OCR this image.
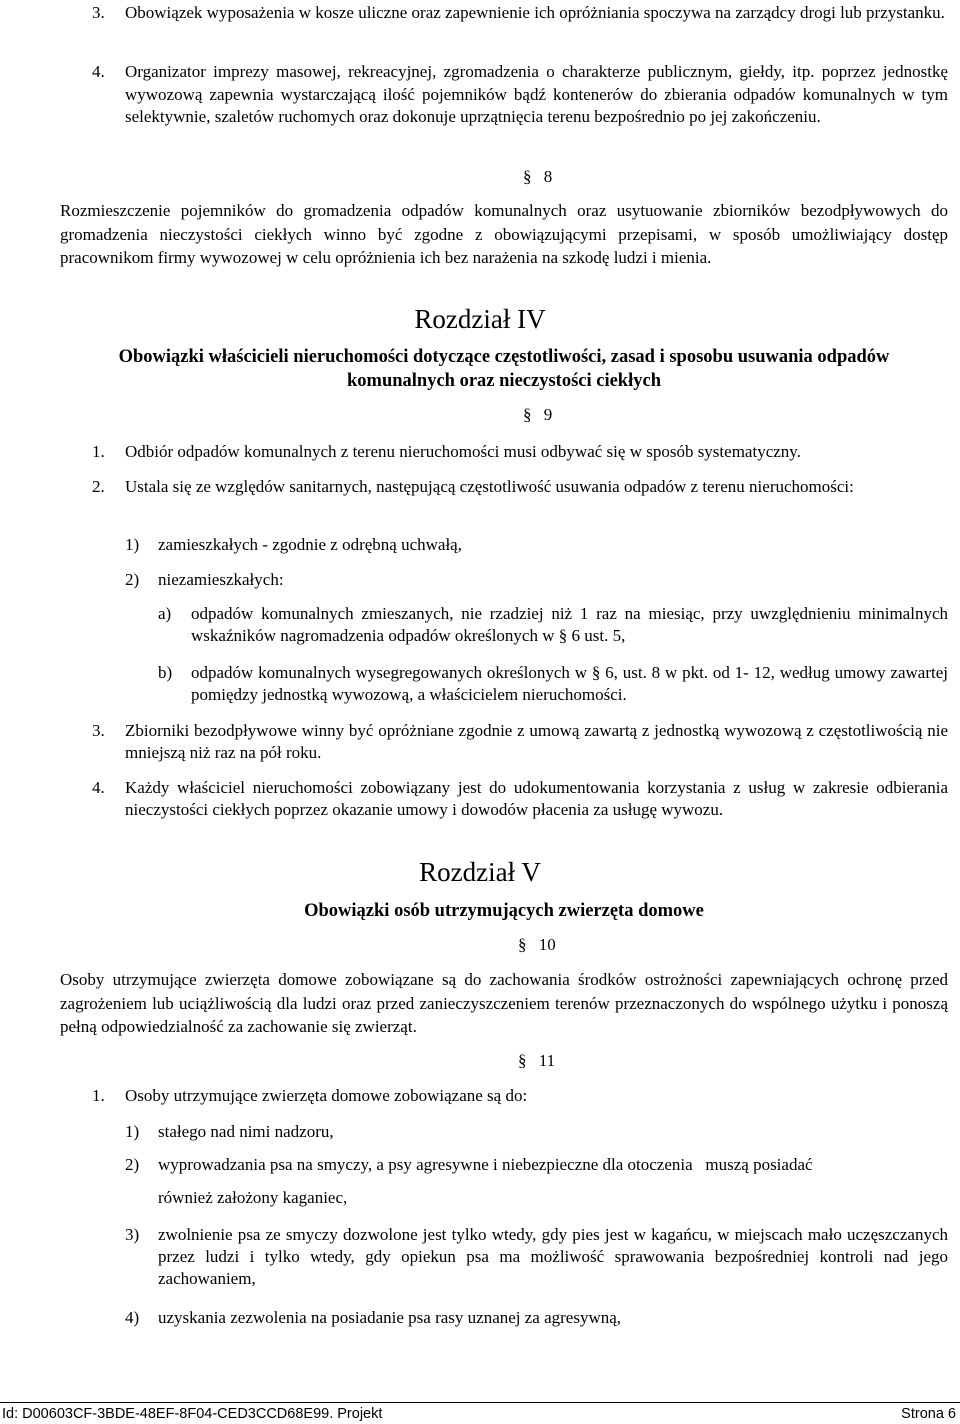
3. Obowiązek wyposażenia w kosze uliczne oraz zapewnienie ich opróżniania spoczywa na zarządcy drogi lub przystanku.
4. Organizator imprezy masowej, rekreacyjnej, zgromadzenia o charakterze publicznym, giełdy, itp. poprzez jednostkę wywozową zapewnia wystarczającą ilość pojemników bądź kontenerów do zbierania odpadów komunalnych w tym selektywnie, szaletów ruchomych oraz dokonuje uprzątnięcia terenu bezpośrednio po jej zakończeniu.
§ 8
Rozmieszczenie pojemników do gromadzenia odpadów komunalnych oraz usytuowanie zbiorników bezodpływowych do gromadzenia nieczystości ciekłych winno być zgodne z obowiązującymi przepisami, w sposób umożliwiający dostęp pracownikom firmy wywozowej w celu opróżnienia ich bez narażenia na szkodę ludzi i mienia.
Rozdział IV
Obowiązki właścicieli nieruchomości dotyczące częstotliwości, zasad i sposobu usuwania odpadów komunalnych oraz nieczystości ciekłych
§ 9
1. Odbiór odpadów komunalnych z terenu nieruchomości musi odbywać się w sposób systematyczny.
2. Ustala się ze względów sanitarnych, następującą częstotliwość usuwania odpadów z terenu nieruchomości:
1) zamieszkałych - zgodnie z odrębną uchwałą,
2) niezamieszkałych:
a) odpadów komunalnych zmieszanych, nie rzadziej niż 1 raz na miesiąc, przy uwzględnieniu minimalnych wskaźników nagromadzenia odpadów określonych w § 6 ust. 5,
b) odpadów komunalnych wysegregowanych określonych w § 6, ust. 8 w pkt. od 1- 12, według umowy zawartej pomiędzy jednostką wywozową, a właścicielem nieruchomości.
3. Zbiorniki bezodpływowe winny być opróżniane zgodnie z umową zawartą z jednostką wywozową z częstotliwością nie mniejszą niż raz na pół roku.
4. Każdy właściciel nieruchomości zobowiązany jest do udokumentowania korzystania z usług w zakresie odbierania nieczystości ciekłych poprzez okazanie umowy i dowodów płacenia za usługę wywozu.
Rozdział V
Obowiązki osób utrzymujących zwierzęta domowe
§ 10
Osoby utrzymujące zwierzęta domowe zobowiązane są do zachowania środków ostrożności zapewniających ochronę przed zagrożeniem lub uciążliwością dla ludzi oraz przed zanieczyszczeniem terenów przeznaczonych do wspólnego użytku i ponoszą pełną odpowiedzialność za zachowanie się zwierząt.
§ 11
1. Osoby utrzymujące zwierzęta domowe zobowiązane są do:
1) stałego nad nimi nadzoru,
2) wyprowadzania psa na smyczy, a psy agresywne i niebezpieczne dla otoczenia   muszą posiadać
również założony kaganiec,
3) zwolnienie psa ze smyczy dozwolone jest tylko wtedy, gdy pies jest w kagańcu, w miejscach mało uczęszczanych przez ludzi i tylko wtedy, gdy opiekun psa ma możliwość sprawowania bezpośredniej kontroli nad jego zachowaniem,
4) uzyskania zezwolenia na posiadanie psa rasy uznanej za agresywną,
Id: D00603CF-3BDE-48EF-8F04-CED3CCD68E99. Projekt	Strona 6
